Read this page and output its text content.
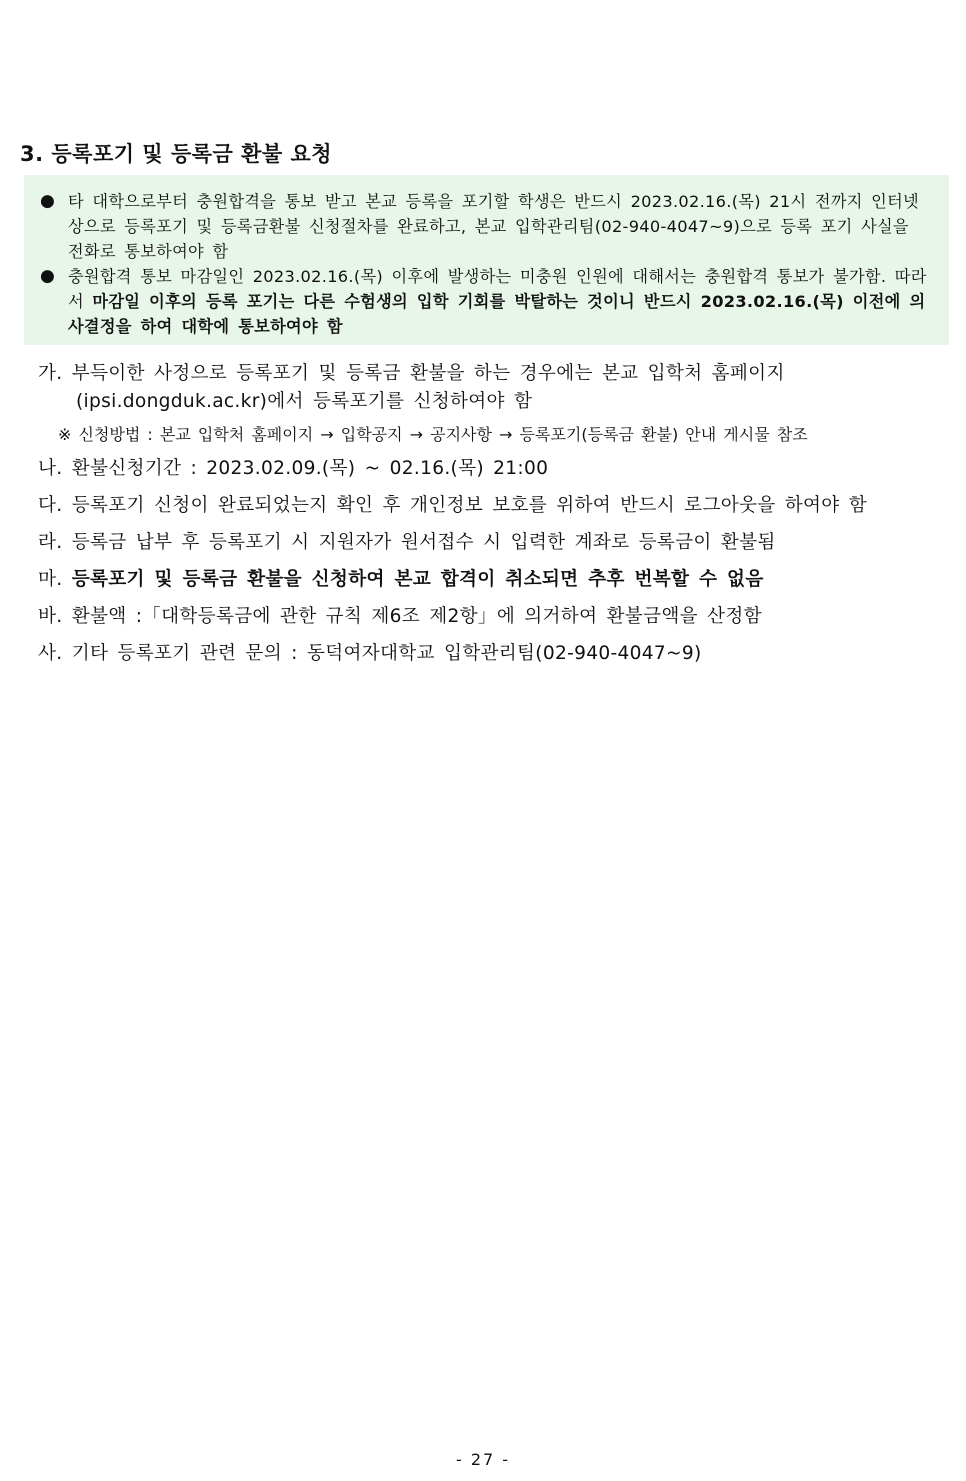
3. 등록포기 및 등록금 환불 요청
● 타 대학으로부터 충원합격을 통보 받고 본교 등록을 포기할 학생은 반드시 2023.02.16.(목) 21시 전까지 인터넷 상으로 등록포기 및 등록금환불 신청절차를 완료하고, 본교 입학관리팀(02-940-4047~9)으로 등록 포기 사실을 전화로 통보하여야 함
● 충원합격 통보 마감일인 2023.02.16.(목) 이후에 발생하는 미충원 인원에 대해서는 충원합격 통보가 불가함. 따라서 마감일 이후의 등록 포기는 다른 수험생의 입학 기회를 박탈하는 것이니 반드시 2023.02.16.(목) 이전에 의사결정을 하여 대학에 통보하여야 함
가. 부득이한 사정으로 등록포기 및 등록금 환불을 하는 경우에는 본교 입학처 홈페이지
(ipsi.dongduk.ac.kr)에서 등록포기를 신청하여야 함
※ 신청방법 : 본교 입학처 홈페이지 → 입학공지 → 공지사항 → 등록포기(등록금 환불) 안내 게시물 참조
나. 환불신청기간 : 2023.02.09.(목) ~ 02.16.(목) 21:00
다. 등록포기 신청이 완료되었는지 확인 후 개인정보 보호를 위하여 반드시 로그아웃을 하여야 함
라. 등록금 납부 후 등록포기 시 지원자가 원서접수 시 입력한 계좌로 등록금이 환불됨
마. 등록포기 및 등록금 환불을 신청하여 본교 합격이 취소되면 추후 번복할 수 없음
바. 환불액 :「대학등록금에 관한 규칙 제6조 제2항」에 의거하여 환불금액을 산정함
사. 기타 등록포기 관련 문의 : 동덕여자대학교 입학관리팀(02-940-4047~9)
- 27 -
